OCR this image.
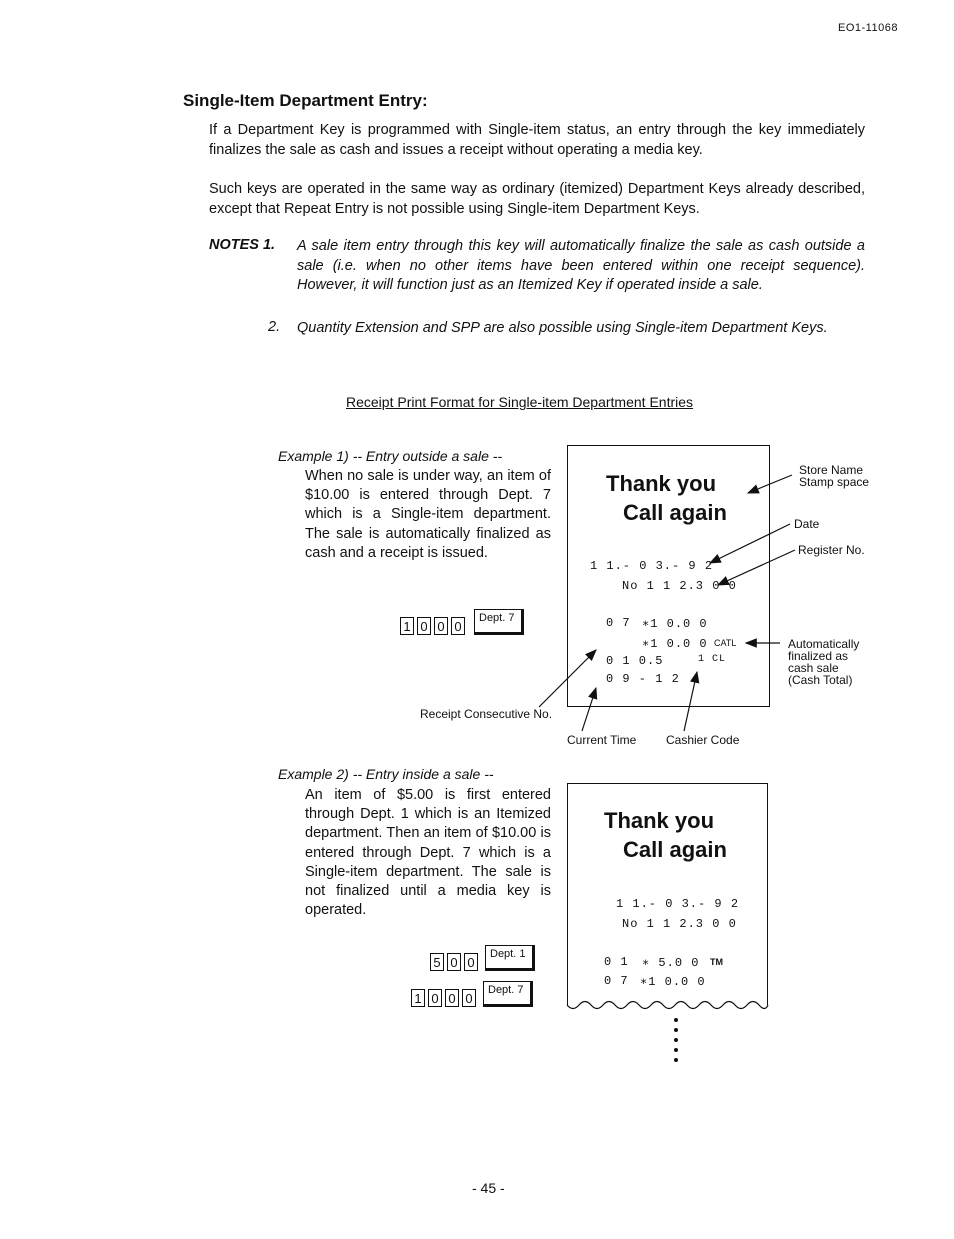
EO1-11068
Single-Item Department Entry:
If a Department Key is programmed with Single-item status, an entry through the key immediately finalizes the sale as cash and issues a receipt without operating a media key.
Such keys are operated in the same way as ordinary (itemized) Department Keys already described, except that Repeat Entry is not possible using Single-item Department Keys.
NOTES 1. A sale item entry through this key will automatically finalize the sale as cash outside a sale (i.e. when no other items have been entered within one receipt sequence). However, it will function just as an Itemized Key if operated inside a sale.
2. Quantity Extension and SPP are also possible using Single-item Department Keys.
Receipt Print Format for Single-item Department Entries
Example 1) -- Entry outside a sale --
When no sale is under way, an item of $10.00 is entered through Dept. 7 which is a Single-item department. The sale is automatically finalized as cash and a receipt is issued.
1 0 0 0
Dept. 7
Thank you
Call again
1 1.- 0 3.- 9 2
No 1 1 2.3 0 0
0 7 ∗1 0.0 0
∗1 0.0 0 CATL
0 1 0.5	1 CL
0 9 - 1 2
Store Name
Stamp space
Date
Register No.
Automatically
finalized as
cash sale
(Cash Total)
Receipt Consecutive No.
Current Time Cashier Code
Example 2) -- Entry inside a sale --
An item of $5.00 is first entered through Dept. 1 which is an Itemized department. Then an item of $10.00 is entered through Dept. 7 which is a Single-item department. The sale is not finalized until a media key is operated.
5 0 0
Dept. 1
1 0 0 0
Dept. 7
Thank you
Call again
1 1.- 0 3.- 9 2
No 1 1 2.3 0 0
0 1 ∗ 5.0 0 TM
0 7 ∗1 0.0 0
- 45 -
